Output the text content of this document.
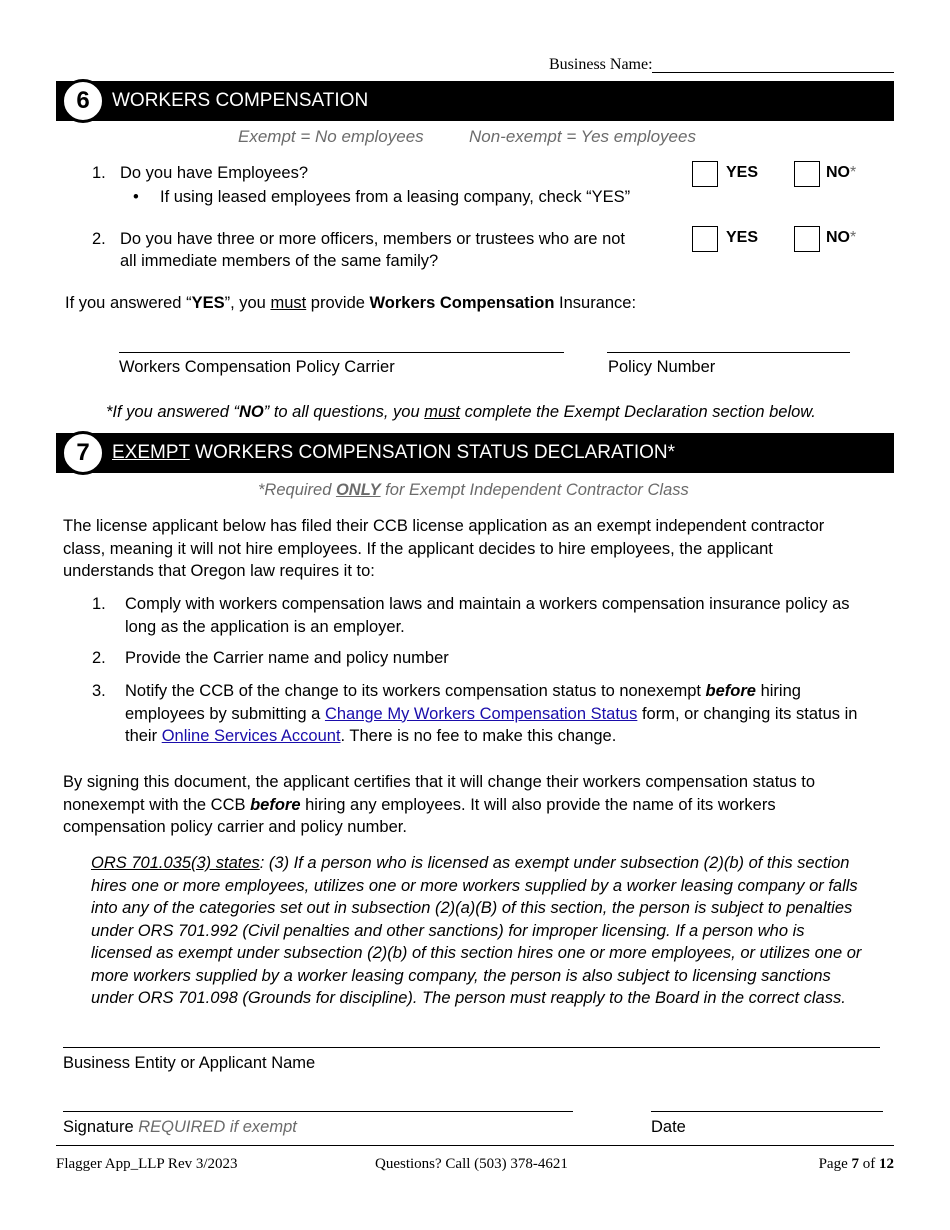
Business Name:
6	WORKERS COMPENSATION
Exempt = No employees	Non-exempt = Yes employees
1. Do you have Employees?
• If using leased employees from a leasing company, check “YES”
YES	NO*
2. Do you have three or more officers, members or trustees who are not
all immediate members of the same family?
YES	NO*
If you answered “YES”, you must provide Workers Compensation Insurance:
Workers Compensation Policy Carrier	Policy Number
*If you answered “NO” to all questions, you must complete the Exempt Declaration section below.
7	EXEMPT WORKERS COMPENSATION STATUS DECLARATION*
*Required ONLY for Exempt Independent Contractor Class
The license applicant below has filed their CCB license application as an exempt independent contractor
class, meaning it will not hire employees. If the applicant decides to hire employees, the applicant
understands that Oregon law requires it to:
1. Comply with workers compensation laws and maintain a workers compensation insurance policy as
long as the application is an employer.
2. Provide the Carrier name and policy number
3. Notify the CCB of the change to its workers compensation status to nonexempt before hiring
employees by submitting a Change My Workers Compensation Status form, or changing its status in
their Online Services Account. There is no fee to make this change.
By signing this document, the applicant certifies that it will change their workers compensation status to
nonexempt with the CCB before hiring any employees. It will also provide the name of its workers
compensation policy carrier and policy number.
ORS 701.035(3) states: (3) If a person who is licensed as exempt under subsection (2)(b) of this section
hires one or more employees, utilizes one or more workers supplied by a worker leasing company or falls
into any of the categories set out in subsection (2)(a)(B) of this section, the person is subject to penalties
under ORS 701.992 (Civil penalties and other sanctions) for improper licensing. If a person who is
licensed as exempt under subsection (2)(b) of this section hires one or more employees, or utilizes one or
more workers supplied by a worker leasing company, the person is also subject to licensing sanctions
under ORS 701.098 (Grounds for discipline). The person must reapply to the Board in the correct class.
Business Entity or Applicant Name
Signature REQUIRED if exempt	Date
Flagger App_LLP Rev 3/2023	Questions? Call (503) 378-4621	Page 7 of 12
